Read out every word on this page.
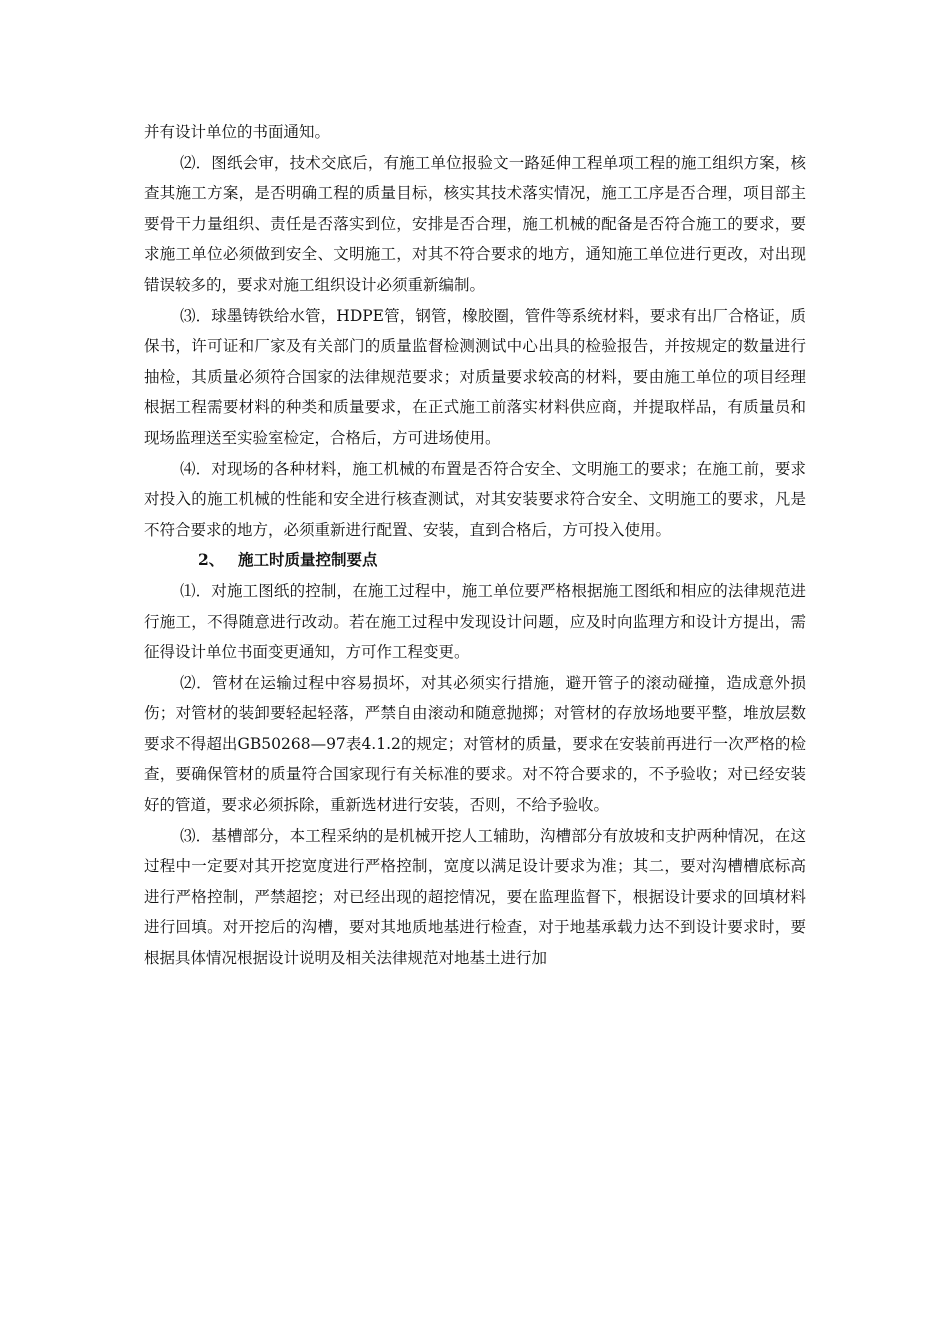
并有设计单位的书面通知。

⑵．图纸会审，技术交底后，有施工单位报验文一路延伸工程单项工程的施工组织方案，核查其施工方案，是否明确工程的质量目标，核实其技术落实情况，施工工序是否合理，项目部主要骨干力量组织、责任是否落实到位，安排是否合理，施工机械的配备是否符合施工的要求，要求施工单位必须做到安全、文明施工，对其不符合要求的地方，通知施工单位进行更改，对出现错误较多的，要求对施工组织设计必须重新编制。

⑶．球墨铸铁给水管，HDPE管，钢管，橡胶圈，管件等系统材料，要求有出厂合格证，质保书，许可证和厂家及有关部门的质量监督检测测试中心出具的检验报告，并按规定的数量进行抽检，其质量必须符合国家的法律规范要求；对质量要求较高的材料，要由施工单位的项目经理根据工程需要材料的种类和质量要求，在正式施工前落实材料供应商，并提取样品，有质量员和现场监理送至实验室检定，合格后，方可进场使用。

⑷．对现场的各种材料，施工机械的布置是否符合安全、文明施工的要求；在施工前，要求对投入的施工机械的性能和安全进行核查测试，对其安装要求符合安全、文明施工的要求，凡是不符合要求的地方，必须重新进行配置、安装，直到合格后，方可投入使用。

2、 施工时质量控制要点

⑴．对施工图纸的控制，在施工过程中，施工单位要严格根据施工图纸和相应的法律规范进行施工，不得随意进行改动。若在施工过程中发现设计问题，应及时向监理方和设计方提出，需征得设计单位书面变更通知，方可作工程变更。

⑵．管材在运输过程中容易损坏，对其必须实行措施，避开管子的滚动碰撞，造成意外损伤；对管材的装卸要轻起轻落，严禁自由滚动和随意抛掷；对管材的存放场地要平整，堆放层数要求不得超出GB50268—97表4.1.2的规定；对管材的质量，要求在安装前再进行一次严格的检查，要确保管材的质量符合国家现行有关标准的要求。对不符合要求的，不予验收；对已经安装好的管道，要求必须拆除，重新选材进行安装，否则，不给予验收。

⑶．基槽部分，本工程采纳的是机械开挖人工辅助，沟槽部分有放坡和支护两种情况，在这过程中一定要对其开挖宽度进行严格控制，宽度以满足设计要求为准；其二，要对沟槽槽底标高进行严格控制，严禁超挖；对已经出现的超挖情况，要在监理监督下，根据设计要求的回填材料进行回填。对开挖后的沟槽，要对其地质地基进行检查，对于地基承载力达不到设计要求时，要根据具体情况根据设计说明及相关法律规范对地基土进行加
